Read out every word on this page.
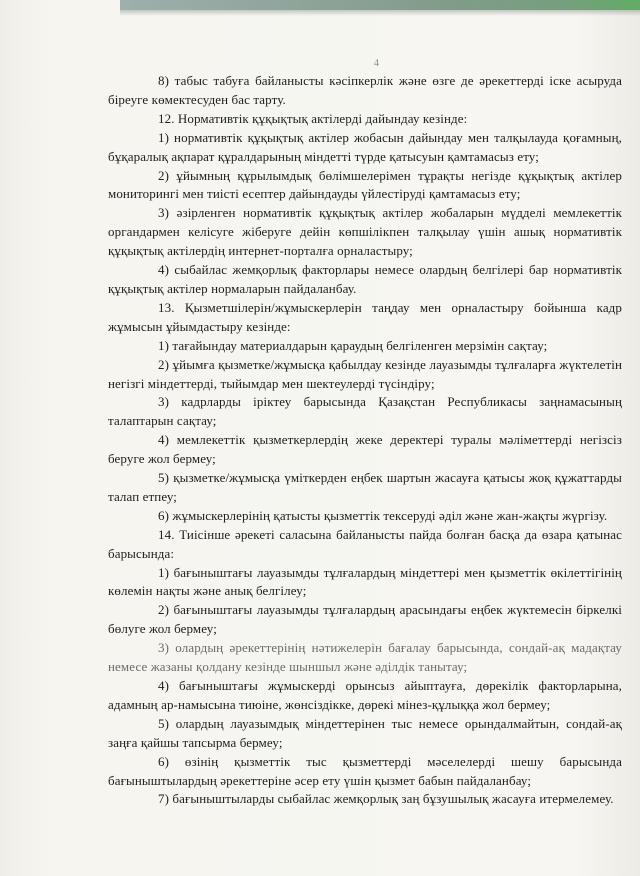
4

8) табыс табуға байланысты кәсіпкерлік және өзге де әрекеттерді іске асыруда біреуге көмектесуден бас тарту.

12. Нормативтік құқықтық актілерді дайындау кезінде:

1) нормативтік құқықтық актілер жобасын дайындау мен талқылауда қоғамның, бұқаралық ақпарат құралдарының міндетті түрде қатысуын қамтамасыз ету;

2) ұйымның құрылымдық бөлімшелерімен тұрақты негізде құқықтық актілер мониторингі мен тиісті есептер дайындауды үйлестіруді қамтамасыз ету;

3) әзірленген нормативтік құқықтық актілер жобаларын мүдделі мемлекеттік органдармен келісуге жіберуге дейін көпшілікпен талқылау үшін ашық нормативтік құқықтық актілердің интернет-порталға орналастыру;

4) сыбайлас жемқорлық факторлары немесе олардың белгілері бар нормативтік құқықтық актілер нормаларын пайдаланбау.

13. Қызметшілерін/жұмыскерлерін таңдау мен орналастыру бойынша кадр жұмысын ұйымдастыру кезінде:

1) тағайындау материалдарын қараудың белгіленген мерзімін сақтау;

2) ұйымға қызметке/жұмысқа қабылдау кезінде лауазымды тұлғаларға жүктелетін негізгі міндеттерді, тыйымдар мен шектеулерді түсіндіру;

3) кадрларды іріктеу барысында Қазақстан Республикасы заңнамасының талаптарын сақтау;

4) мемлекеттік қызметкерлердің жеке деректері туралы мәліметтерді негізсіз беруге жол бермеу;

5) қызметке/жұмысқа үміткерден еңбек шартын жасауға қатысы жоқ құжаттарды талап етпеу;

6) жұмыскерлерінің қатысты қызметтік тексеруді әділ және жан-жақты жүргізу.

14. Тиісінше әрекеті саласына байланысты пайда болған басқа да өзара қатынас барысында:

1) бағыныштағы лауазымды тұлғалардың міндеттері мен қызметтік өкілеттігінің көлемін нақты және анық белгілеу;

2) бағыныштағы лауазымды тұлғалардың арасындағы еңбек жүктемесін біркелкі бөлуге жол бермеу;

3) олардың әрекеттерінің нәтижелерін бағалау барысында, сондай-ақ мадақтау немесе жазаны қолдану кезінде шыншыл және әділдік танытау;

4) бағыныштағы жұмыскерді орынсыз айыптауға, дөрекілік факторларына, адамның ар-намысына тиюіне, жөнсіздікке, дөрекі мінез-құлыққа жол бермеу;

5) олардың лауазымдық міндеттерінен тыс немесе орындалмайтын, сондай-ақ заңға қайшы тапсырма бермеу;

6) өзінің қызметтік тыс қызметтерді мәселелерді шешу барысында бағыныштылардың әрекеттеріне әсер ету үшін қызмет бабын пайдаланбау;

7) бағыныштыларды сыбайлас жемқорлық заң бұзушылық жасауға итермелемеу.
